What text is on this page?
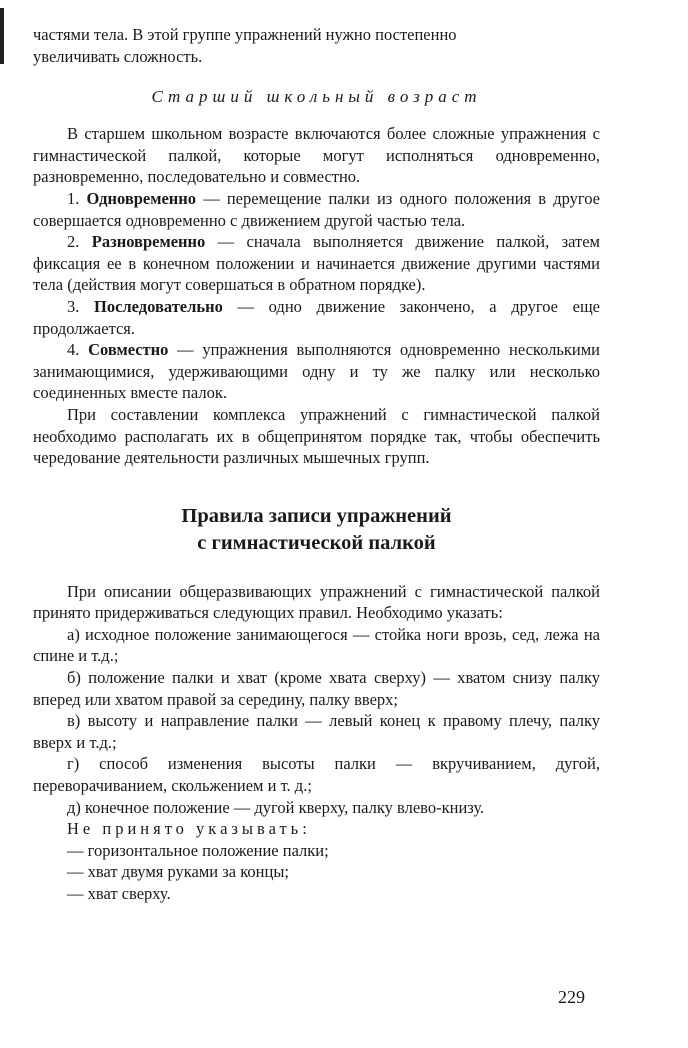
частями тела. В этой группе упражнений нужно постепенно

увеличивать сложность.

Старший школьный возраст

В старшем школьном возрасте включаются более сложные упражнения с гимнастической палкой, которые могут исполняться одновременно, разновременно, последовательно и совместно.

1. Одновременно — перемещение палки из одного положения в другое совершается одновременно с движением другой частью тела.

2. Разновременно — сначала выполняется движение палкой, затем фиксация ее в конечном положении и начинается движение другими частями тела (действия могут совершаться в обратном порядке).

3. Последовательно — одно движение закончено, а другое еще продолжается.

4. Совместно — упражнения выполняются одновременно несколькими занимающимися, удерживающими одну и ту же палку или несколько соединенных вместе палок.

При составлении комплекса упражнений с гимнастической палкой необходимо располагать их в общепринятом порядке так, чтобы обеспечить чередование деятельности различных мышечных групп.

Правила записи упражнений
с гимнастической палкой

При описании общеразвивающих упражнений с гимнастической палкой принято придерживаться следующих правил. Необходимо указать:

а) исходное положение занимающегося — стойка ноги врозь, сед, лежа на спине и т.д.;

б) положение палки и хват (кроме хвата сверху) — хватом снизу палку вперед или хватом правой за середину, палку вверх;

в) высоту и направление палки — левый конец к правому плечу, палку вверх и т.д.;

г) способ изменения высоты палки — вкручиванием, дугой, переворачиванием, скольжением и т. д.;

д) конечное положение — дугой кверху, палку влево-книзу.

Не принято указывать:

— горизонтальное положение палки;

— хват двумя руками за концы;

— хват сверху.

229
